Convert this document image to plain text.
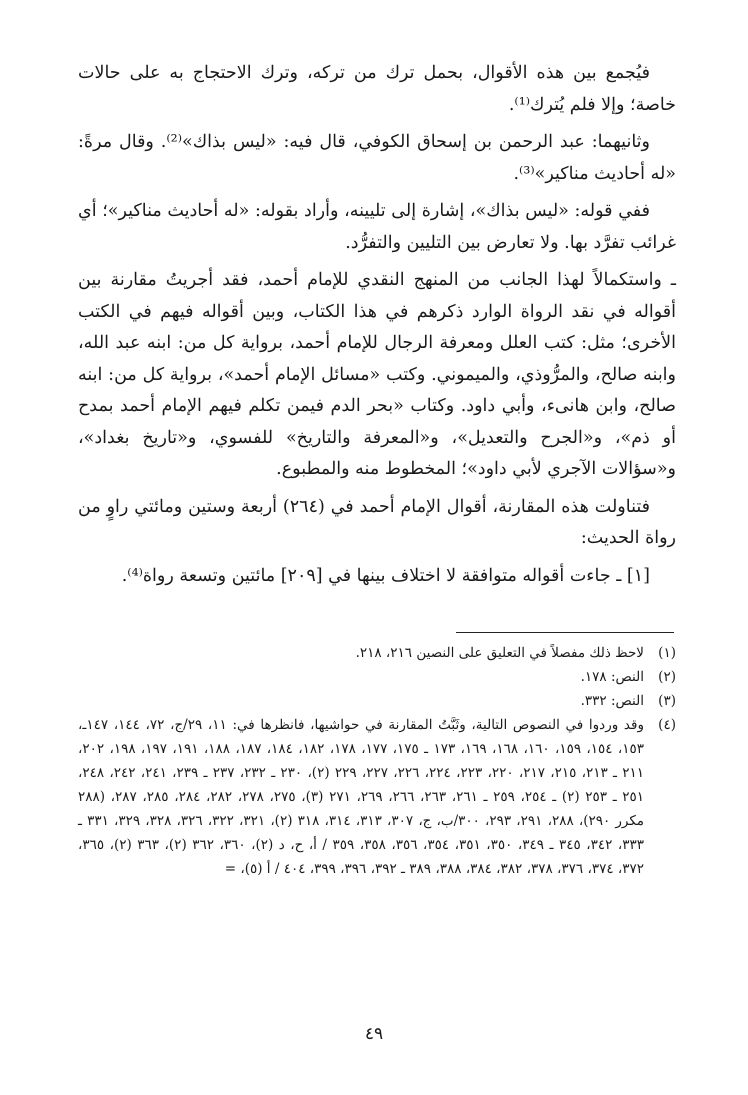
فيُجمع بين هذه الأقوال، بحمل ترك من تركه، وترك الاحتجاج به على حالات خاصة؛ وإلا فلم يُترك⁽¹⁾.

وثانيهما: عبد الرحمن بن إسحاق الكوفي، قال فيه: «ليس بذاك»⁽²⁾. وقال مرةً: «له أحاديث مناكير»⁽³⁾.

ففي قوله: «ليس بذاك»، إشارة إلى تليينه، وأراد بقوله: «له أحاديث مناكير»؛ أي غرائب تفرَّد بها. ولا تعارض بين التليين والتفرُّد.

ـ واستكمالاً لهذا الجانب من المنهج النقدي للإمام أحمد، فقد أجريتُ مقارنة بين أقواله في نقد الرواة الوارد ذكرهم في هذا الكتاب، وبين أقواله فيهم في الكتب الأخرى؛ مثل: كتب العلل ومعرفة الرجال للإمام أحمد، برواية كل من: ابنه عبد الله، وابنه صالح، والمرُّوذي، والميموني. وكتب «مسائل الإمام أحمد»، برواية كل من: ابنه صالح، وابن هانىء، وأبي داود. وكتاب «بحر الدم فيمن تكلم فيهم الإمام أحمد بمدح أو ذم»، و«الجرح والتعديل»، و«المعرفة والتاريخ» للفسوي، و«تاريخ بغداد»، و«سؤالات الآجري لأبي داود»؛ المخطوط منه والمطبوع.

فتناولت هذه المقارنة، أقوال الإمام أحمد في (٢٦٤) أربعة وستين ومائتي راوٍ من رواة الحديث:

[١] ـ جاءت أقواله متوافقة لا اختلاف بينها في [٢٠٩] مائتين وتسعة رواة⁽⁴⁾.

(١)
لاحظ ذلك مفصلاً في التعليق على النصين ٢١٦، ٢١٨.
(٢)
النص: ١٧٨.
(٣)
النص: ٣٣٢.
(٤)
وقد وردوا في النصوص التالية، وثَبَّتُ المقارنة في حواشيها، فانظرها في: ١١، ٢٩/ج، ٧٢، ١٤٤، ١٤٧ـ، ١٥٣، ١٥٤، ١٥٩، ١٦٠، ١٦٨، ١٦٩، ١٧٣ ـ ١٧٥، ١٧٧، ١٧٨، ١٨٢، ١٨٤، ١٨٧، ١٨٨، ١٩١، ١٩٧، ١٩٨، ٢٠٢، ٢١١ ـ ٢١٣، ٢١٥، ٢١٧، ٢٢٠، ٢٢٣، ٢٢٤، ٢٢٦، ٢٢٧، ٢٢٩ (٢)، ٢٣٠ ـ ٢٣٢، ٢٣٧ ـ ٢٣٩، ٢٤١، ٢٤٢، ٢٤٨، ٢٥١ ـ ٢٥٣ (٢) ـ ٢٥٤، ٢٥٩ ـ ٢٦١، ٢٦٣، ٢٦٦، ٢٦٩، ٢٧١ (٣)، ٢٧٥، ٢٧٨، ٢٨٢، ٢٨٤، ٢٨٥، ٢٨٧، (٢٨٨ مكرر ٢٩٠)، ٢٨٨، ٢٩١، ٢٩٣، ٣٠٠/ب، ج، ٣٠٧، ٣١٣، ٣١٤، ٣١٨ (٢)، ٣٢١، ٣٢٢، ٣٢٦، ٣٢٨، ٣٢٩، ٣٣١ ـ ٣٣٣، ٣٤٢، ٣٤٥ ـ ٣٤٩، ٣٥٠، ٣٥١، ٣٥٤، ٣٥٦، ٣٥٨، ٣٥٩ / أ، ح، د (٢)، ٣٦٠، ٣٦٢ (٢)، ٣٦٣ (٢)، ٣٦٥، ٣٧٢، ٣٧٤، ٣٧٦، ٣٧٨، ٣٨٢، ٣٨٤، ٣٨٨، ٣٨٩ ـ ٣٩٢، ٣٩٦، ٣٩٩، ٤٠٤ / أ (٥)، =
٤٩
